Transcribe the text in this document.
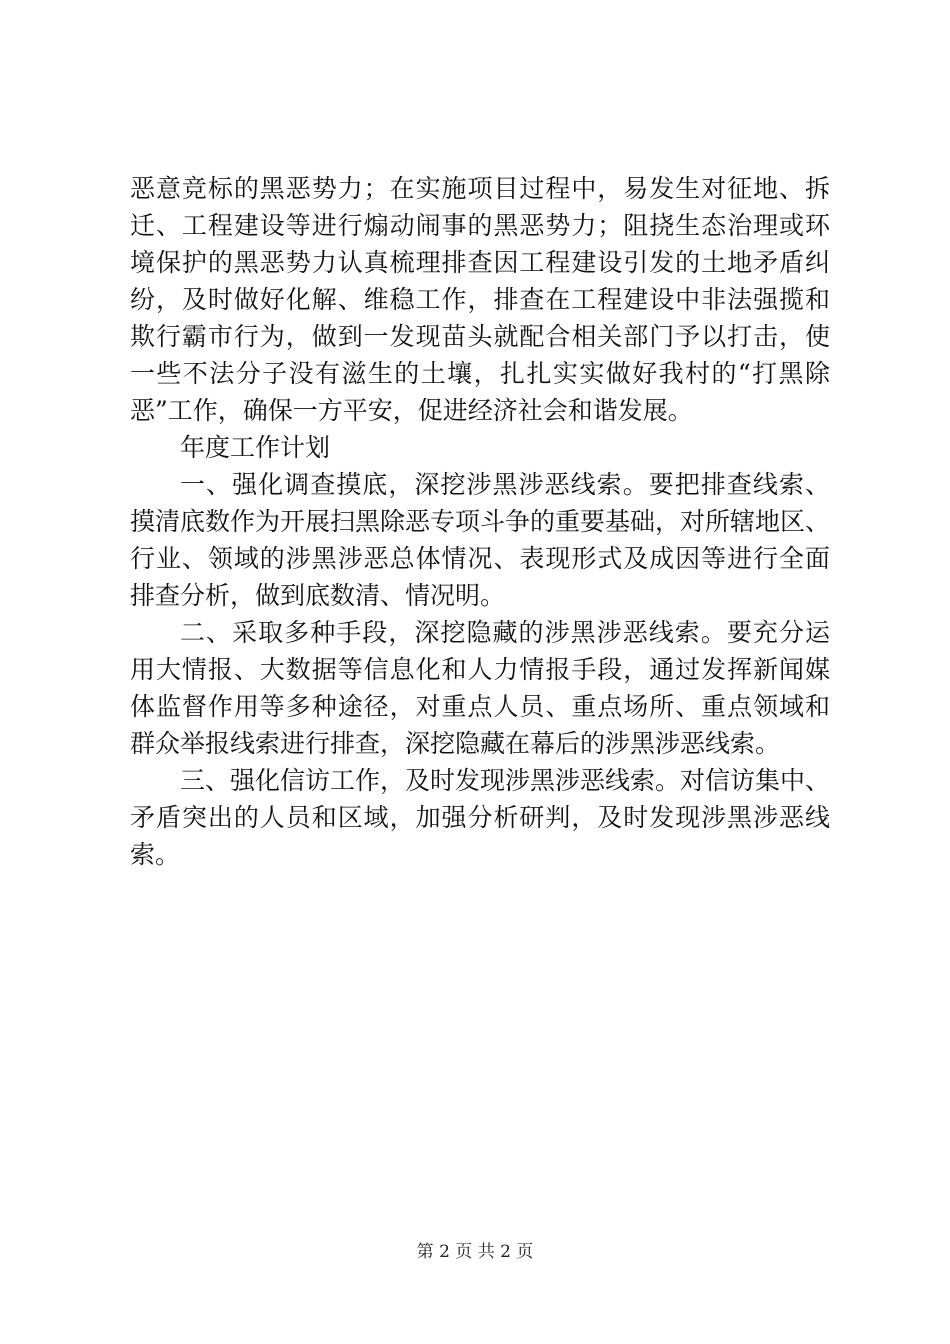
恶意竞标的黑恶势力；在实施项目过程中，易发生对征地、拆
迁、工程建设等进行煽动闹事的黑恶势力；阻挠生态治理或环
境保护的黑恶势力认真梳理排查因工程建设引发的土地矛盾纠
纷，及时做好化解、维稳工作，排查在工程建设中非法强揽和
欺行霸市行为，做到一发现苗头就配合相关部门予以打击，使
一些不法分子没有滋生的土壤，扎扎实实做好我村的“打黑除
恶”工作，确保一方平安，促进经济社会和谐发展。
年度工作计划
一、强化调查摸底，深挖涉黑涉恶线索。要把排查线索、
摸清底数作为开展扫黑除恶专项斗争的重要基础，对所辖地区、
行业、领域的涉黑涉恶总体情况、表现形式及成因等进行全面
排查分析，做到底数清、情况明。
二、采取多种手段，深挖隐藏的涉黑涉恶线索。要充分运
用大情报、大数据等信息化和人力情报手段，通过发挥新闻媒
体监督作用等多种途径，对重点人员、重点场所、重点领域和
群众举报线索进行排查，深挖隐藏在幕后的涉黑涉恶线索。
三、强化信访工作，及时发现涉黑涉恶线索。对信访集中、
矛盾突出的人员和区域，加强分析研判，及时发现涉黑涉恶线
索。
第 2 页 共 2 页
